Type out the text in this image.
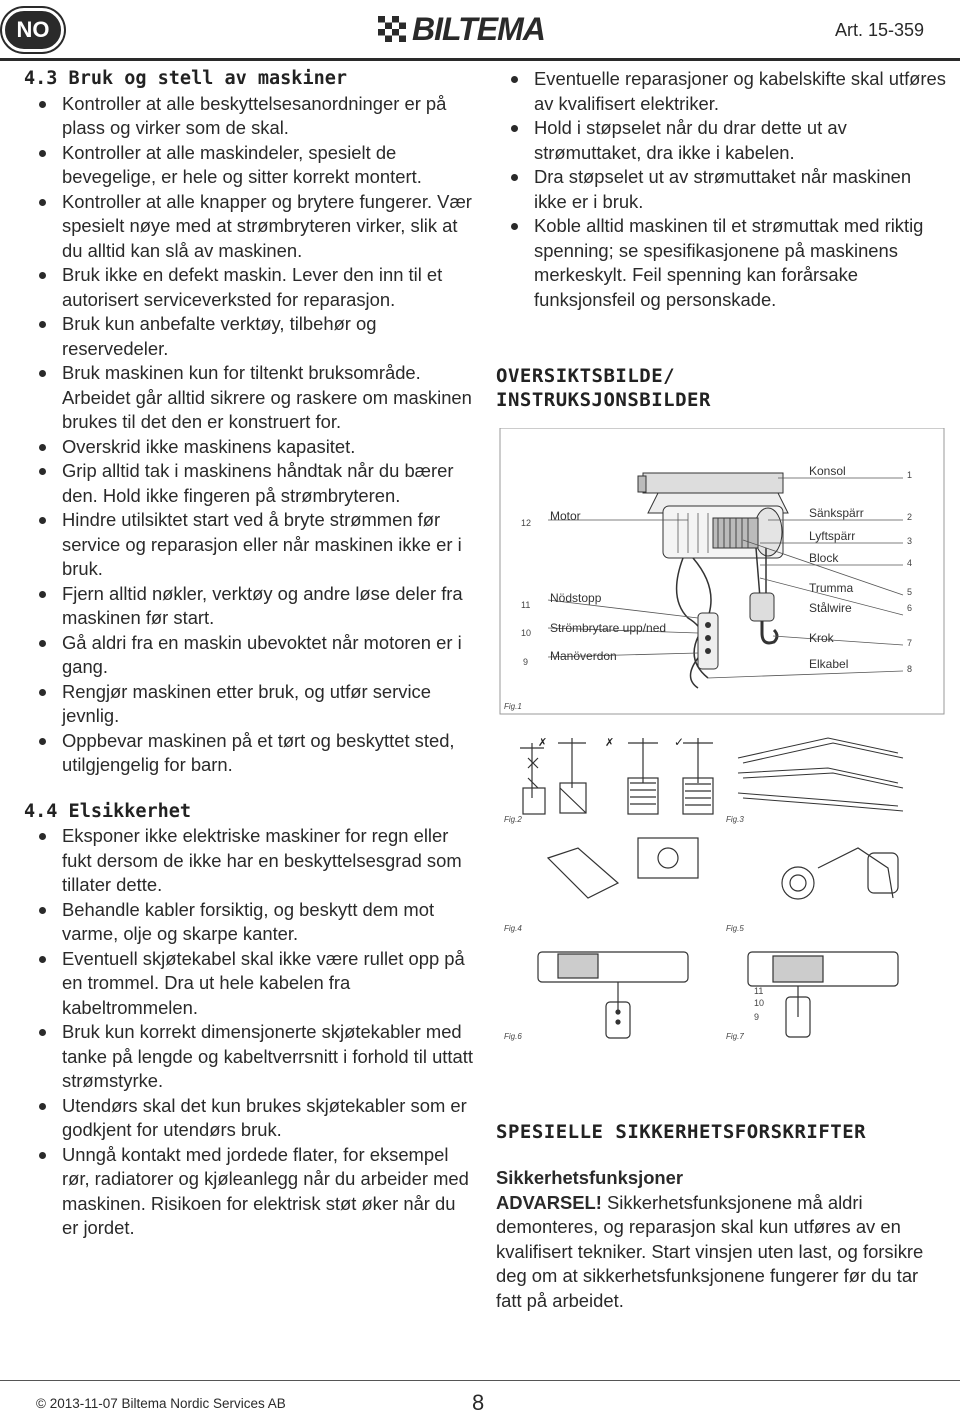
NO	BILTEMA	Art. 15-359
4.3 Bruk og stell av maskiner
Kontroller at alle beskyttelsesanordninger er på plass og virker som de skal.
Kontroller at alle maskindeler, spesielt de bevegelige, er hele og sitter korrekt montert.
Kontroller at alle knapper og brytere fungerer. Vær spesielt nøye med at strømbryteren virker, slik at du alltid kan slå av maskinen.
Bruk ikke en defekt maskin. Lever den inn til et autorisert serviceverksted for reparasjon.
Bruk kun anbefalte verktøy, tilbehør og reservedeler.
Bruk maskinen kun for tiltenkt bruksområde. Arbeidet går alltid sikrere og raskere om maskinen brukes til det den er konstruert for.
Overskrid ikke maskinens kapasitet.
Grip alltid tak i maskinens håndtak når du bærer den. Hold ikke fingeren på strømbryteren.
Hindre utilsiktet start ved å bryte strømmen før service og reparasjon eller når maskinen ikke er i bruk.
Fjern alltid nøkler, verktøy og andre løse deler fra maskinen før start.
Gå aldri fra en maskin ubevoktet når motoren er i gang.
Rengjør maskinen etter bruk, og utfør service jevnlig.
Oppbevar maskinen på et tørt og beskyttet sted, utilgjengelig for barn.
4.4 Elsikkerhet
Eksponer ikke elektriske maskiner for regn eller fukt dersom de ikke har en beskyttelsesgrad som tillater dette.
Behandle kabler forsiktig, og beskytt dem mot varme, olje og skarpe kanter.
Eventuell skjøtekabel skal ikke være rullet opp på en trommel. Dra ut hele kabelen fra kabeltrommelen.
Bruk kun korrekt dimensjonerte skjøtekabler med tanke på lengde og kabeltverrsnitt i forhold til uttatt strømstyrke.
Utendørs skal det kun brukes skjøtekabler som er godkjent for utendørs bruk.
Unngå kontakt med jordede flater, for eksempel rør, radiatorer og kjøleanlegg når du arbeider med maskinen. Risikoen for elektrisk støt øker når du er jordet.
Eventuelle reparasjoner og kabelskifte skal utføres av kvalifisert elektriker.
Hold i støpselet når du drar dette ut av strømuttaket, dra ikke i kabelen.
Dra støpselet ut av strømuttaket når maskinen ikke er i bruk.
Koble alltid maskinen til et strømuttak med riktig spenning; se spesifikasjonene på maskinens merkeskylt. Feil spenning kan forårsake funksjonsfeil og personskade.
OVERSIKTSBILDE/
INSTRUKSJONSBILDER
✗	✗	✓
Konsol
Motor	Sänkspärr
Lyftspärr
Block
Trumma
Nödstopp
Stålwire
Strömbrytare upp/ned
Krok
Manöverdon
Elkabel
1
2
3
4
5
6
7
8
9
10
11
12
Fig.1
Fig.2	Fig.3
Fig.4	Fig.5
11
10
9
Fig.6	Fig.7
SPESIELLE SIKKERHETSFORSKRIFTER
Sikkerhetsfunksjoner
ADVARSEL! Sikkerhetsfunksjonene må aldri demonteres, og reparasjon skal kun utføres av en kvalifisert tekniker. Start vinsjen uten last, og forsikre deg om at sikkerhetsfunksjonene fungerer før du tar fatt på arbeidet.
© 2013-11-07 Biltema Nordic Services AB	8
